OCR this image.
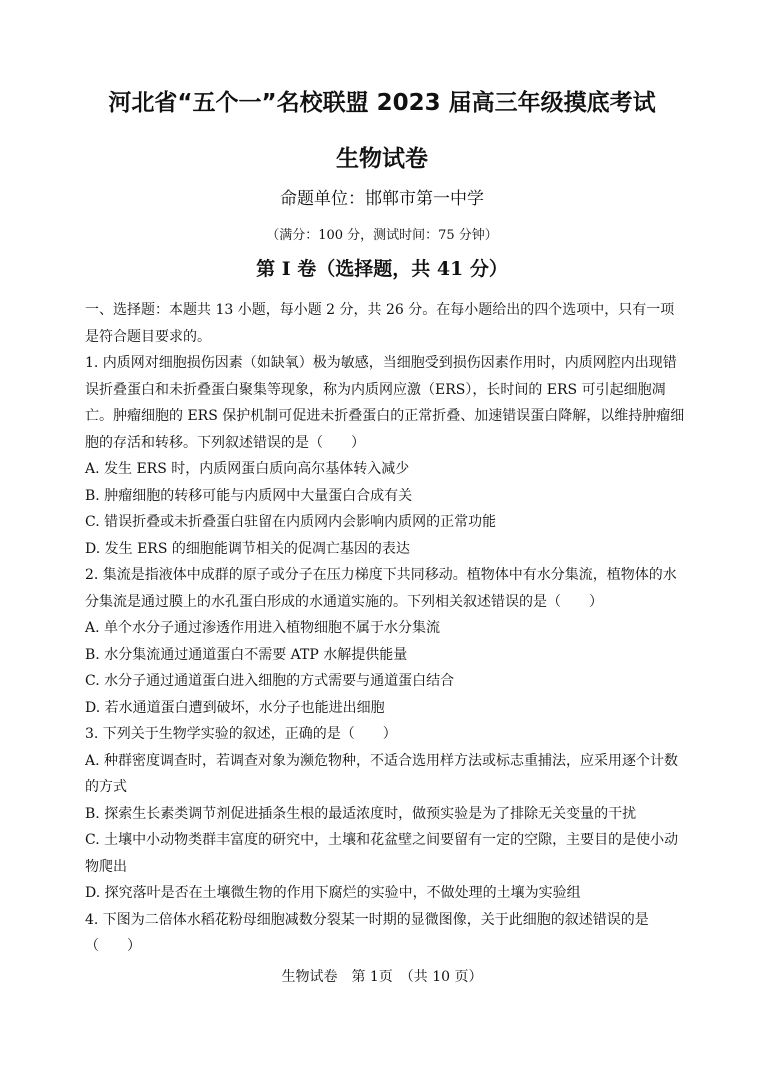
河北省“五个一”名校联盟 2023 届高三年级摸底考试
生物试卷
命题单位：邯郸市第一中学
（满分：100 分，测试时间：75 分钟）
第 I 卷（选择题，共 41 分）

一、选择题：本题共 13 小题，每小题 2 分，共 26 分。在每小题给出的四个选项中，只有一项是符合题目要求的。

1. 内质网对细胞损伤因素（如缺氧）极为敏感，当细胞受到损伤因素作用时，内质网腔内出现错误折叠蛋白和未折叠蛋白聚集等现象，称为内质网应激（ERS），长时间的 ERS 可引起细胞凋亡。肿瘤细胞的 ERS 保护机制可促进未折叠蛋白的正常折叠、加速错误蛋白降解，以维持肿瘤细胞的存活和转移。下列叙述错误的是（　　）

A. 发生 ERS 时，内质网蛋白质向高尔基体转入减少

B. 肿瘤细胞的转移可能与内质网中大量蛋白合成有关

C. 错误折叠或未折叠蛋白驻留在内质网内会影响内质网的正常功能

D. 发生 ERS 的细胞能调节相关的促凋亡基因的表达

2. 集流是指液体中成群的原子或分子在压力梯度下共同移动。植物体中有水分集流，植物体的水分集流是通过膜上的水孔蛋白形成的水通道实施的。下列相关叙述错误的是（　　）

A. 单个水分子通过渗透作用进入植物细胞不属于水分集流

B. 水分集流通过通道蛋白不需要 ATP 水解提供能量

C. 水分子通过通道蛋白进入细胞的方式需要与通道蛋白结合

D. 若水通道蛋白遭到破坏，水分子也能进出细胞

3. 下列关于生物学实验的叙述，正确的是（　　）

A. 种群密度调查时，若调查对象为濒危物种，不适合选用样方法或标志重捕法，应采用逐个计数的方式

B. 探索生长素类调节剂促进插条生根的最适浓度时，做预实验是为了排除无关变量的干扰

C. 土壤中小动物类群丰富度的研究中，土壤和花盆壁之间要留有一定的空隙，主要目的是使小动物爬出

D. 探究落叶是否在土壤微生物的作用下腐烂的实验中，不做处理的土壤为实验组

4. 下图为二倍体水稻花粉母细胞减数分裂某一时期的显微图像，关于此细胞的叙述错误的是（　　）

生物试卷　第 1页　（共 10 页）
